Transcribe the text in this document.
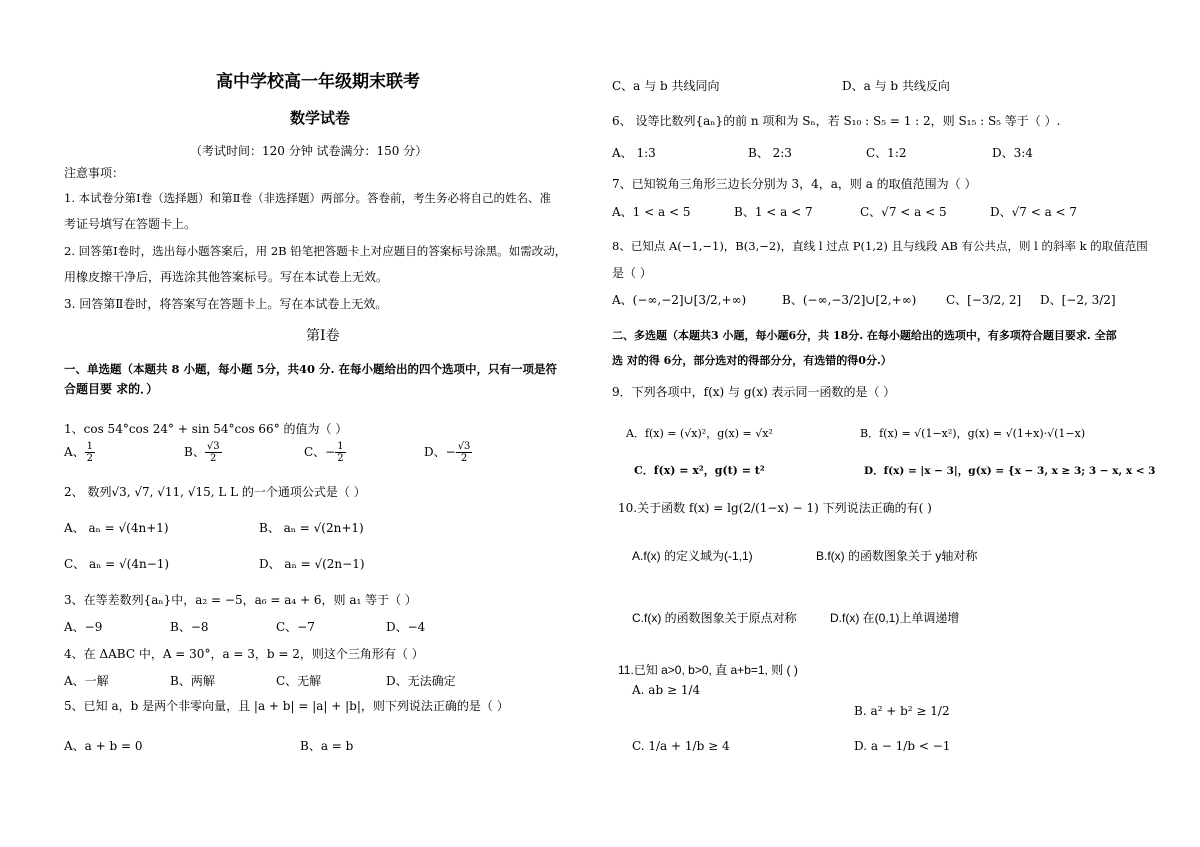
高中学校高一年级期末联考
数学试卷
（考试时间：120 分钟 试卷满分：150 分）
注意事项：
1. 本试卷分第Ⅰ卷（选择题）和第Ⅱ卷（非选择题）两部分。答卷前，考生务必将自己的姓名、准
考证号填写在答题卡上。
2. 回答第Ⅰ卷时，选出每小题答案后，用 2B 铅笔把答题卡上对应题目的答案标号涂黑。如需改动，
用橡皮擦干净后，再选涂其他答案标号。写在本试卷上无效。
3. 回答第Ⅱ卷时，将答案写在答题卡上。写在本试卷上无效。
第Ⅰ卷
一、单选题（本题共 8 小题，每小题 5分，共40 分. 在每小题给出的四个选项中，只有一项是符
合题目要 求的．）
1、cos 54°cos 24° + sin 54°cos 66° 的值为（ ）
A、 $\frac{1}{2}$	B、 $\frac{√3}{2}$	C、− $\frac{1}{2}$	D、− $\frac{√3}{2}$
2、 数列√3, √7, √11, √15, L L 的一个通项公式是（ ）
A、 aₙ = √(4n+1)	B、 aₙ = √(2n+1)
C、 aₙ = √(4n−1)	D、 aₙ = √(2n−1)
3、在等差数列{aₙ}中，a₂ = −5，a₆ = a₄ + 6，则 a₁ 等于（ ）
A、−9	B、−8	C、−7	D、−4
4、在 ΔABC 中，A = 30°，a = 3，b = 2，则这个三角形有（ ）
A、一解	B、两解	C、无解	D、无法确定
5、已知 a，b 是两个非零向量，且 |a + b| = |a| + |b|，则下列说法正确的是（ ）
A、a + b = 0	B、a = b
C、a 与 b 共线同向	D、a 与 b 共线反向
6、 设等比数列{aₙ}的前 n 项和为 Sₙ，若 S₁₀ : S₅ = 1 : 2，则 S₁₅ : S₅ 等于（ ）.
A、 1:3	B、 2:3	C、1:2	D、3:4
7、已知锐角三角形三边长分别为 3，4，a，则 a 的取值范围为（ ）
A、1 < a < 5	B、1 < a < 7	C、√7 < a < 5	D、√7 < a < 7
8、已知点 A(−1,−1)，B(3,−2)，直线 l 过点 P(1,2) 且与线段 AB 有公共点，则 l 的斜率 k 的取值范围
是（ ）
A、(−∞,−2]∪[3/2,+∞)	B、(−∞,−3/2]∪[2,+∞) C、[−3/2, 2] D、[−2, 3/2]
二、多选题（本题共3 小题，每小题6分，共 18分. 在每小题给出的选项中，有多项符合题目要求. 全部
选 对的得 6分，部分选对的得部分分，有选错的得0分.）
9．下列各项中，f(x) 与 g(x) 表示同一函数的是（ ）
A．f(x) = (√x)²，g(x) = √x²	B．f(x) = √(1−x²)，g(x) = √(1+x)·√(1−x)
C．f(x) = x²，g(t) = t²	D．f(x) = |x − 3|，g(x) = {x − 3, x ≥ 3; 3 − x, x < 3
10.关于函数 f(x) = lg(2/(1−x) − 1) 下列说法正确的有( )
A.f(x) 的定义域为(-1,1)	B.f(x) 的函数图象关于 y轴对称
C.f(x) 的函数图象关于原点对称	D.f(x) 在(0,1)上单调递增
11.已知 a>0, b>0, 直 a+b=1, 则 ( )
A. ab ≥ 1/4
B. a² + b² ≥ 1/2
C. 1/a + 1/b ≥ 4	D. a − 1/b < −1
